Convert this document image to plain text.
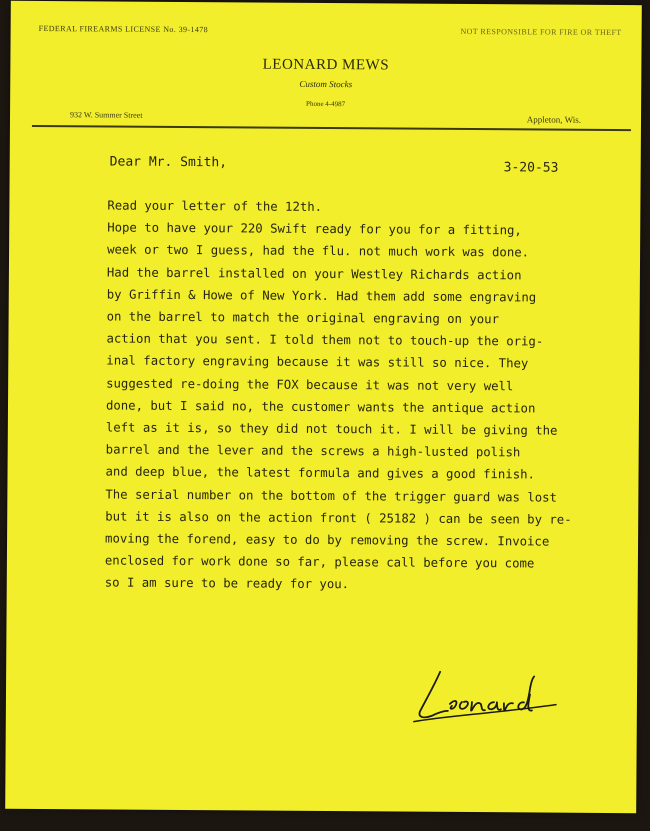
FEDERAL FIREARMS LICENSE No. 39-1478	NOT RESPONSIBLE FOR FIRE OR THEFT
LEONARD MEWS
Custom Stocks
Phone 4-4987
932 W. Summer Street	Appleton, Wis.
Dear Mr. Smith,	3-20-53
Read your letter of the 12th.
Hope to have your 220 Swift ready for you for a fitting,
week or two I guess, had the flu. not much work was done.
Had the barrel installed on your Westley Richards action
by Griffin & Howe of New York. Had them add some engraving
on the barrel to match the original engraving on your
action that you sent. I told them not to touch-up the orig-
inal factory engraving because it was still so nice. They
suggested re-doing the FOX because it was not very well
done, but I said no, the customer wants the antique action
left as it is, so they did not touch it. I will be giving the
barrel and the lever and the screws a high-lusted polish
and deep blue, the latest formula and gives a good finish.
The serial number on the bottom of the trigger guard was lost
but it is also on the action front ( 25182 ) can be seen by re-
moving the forend, easy to do by removing the screw. Invoice
enclosed for work done so far, please call before you come
so I am sure to be ready for you.
